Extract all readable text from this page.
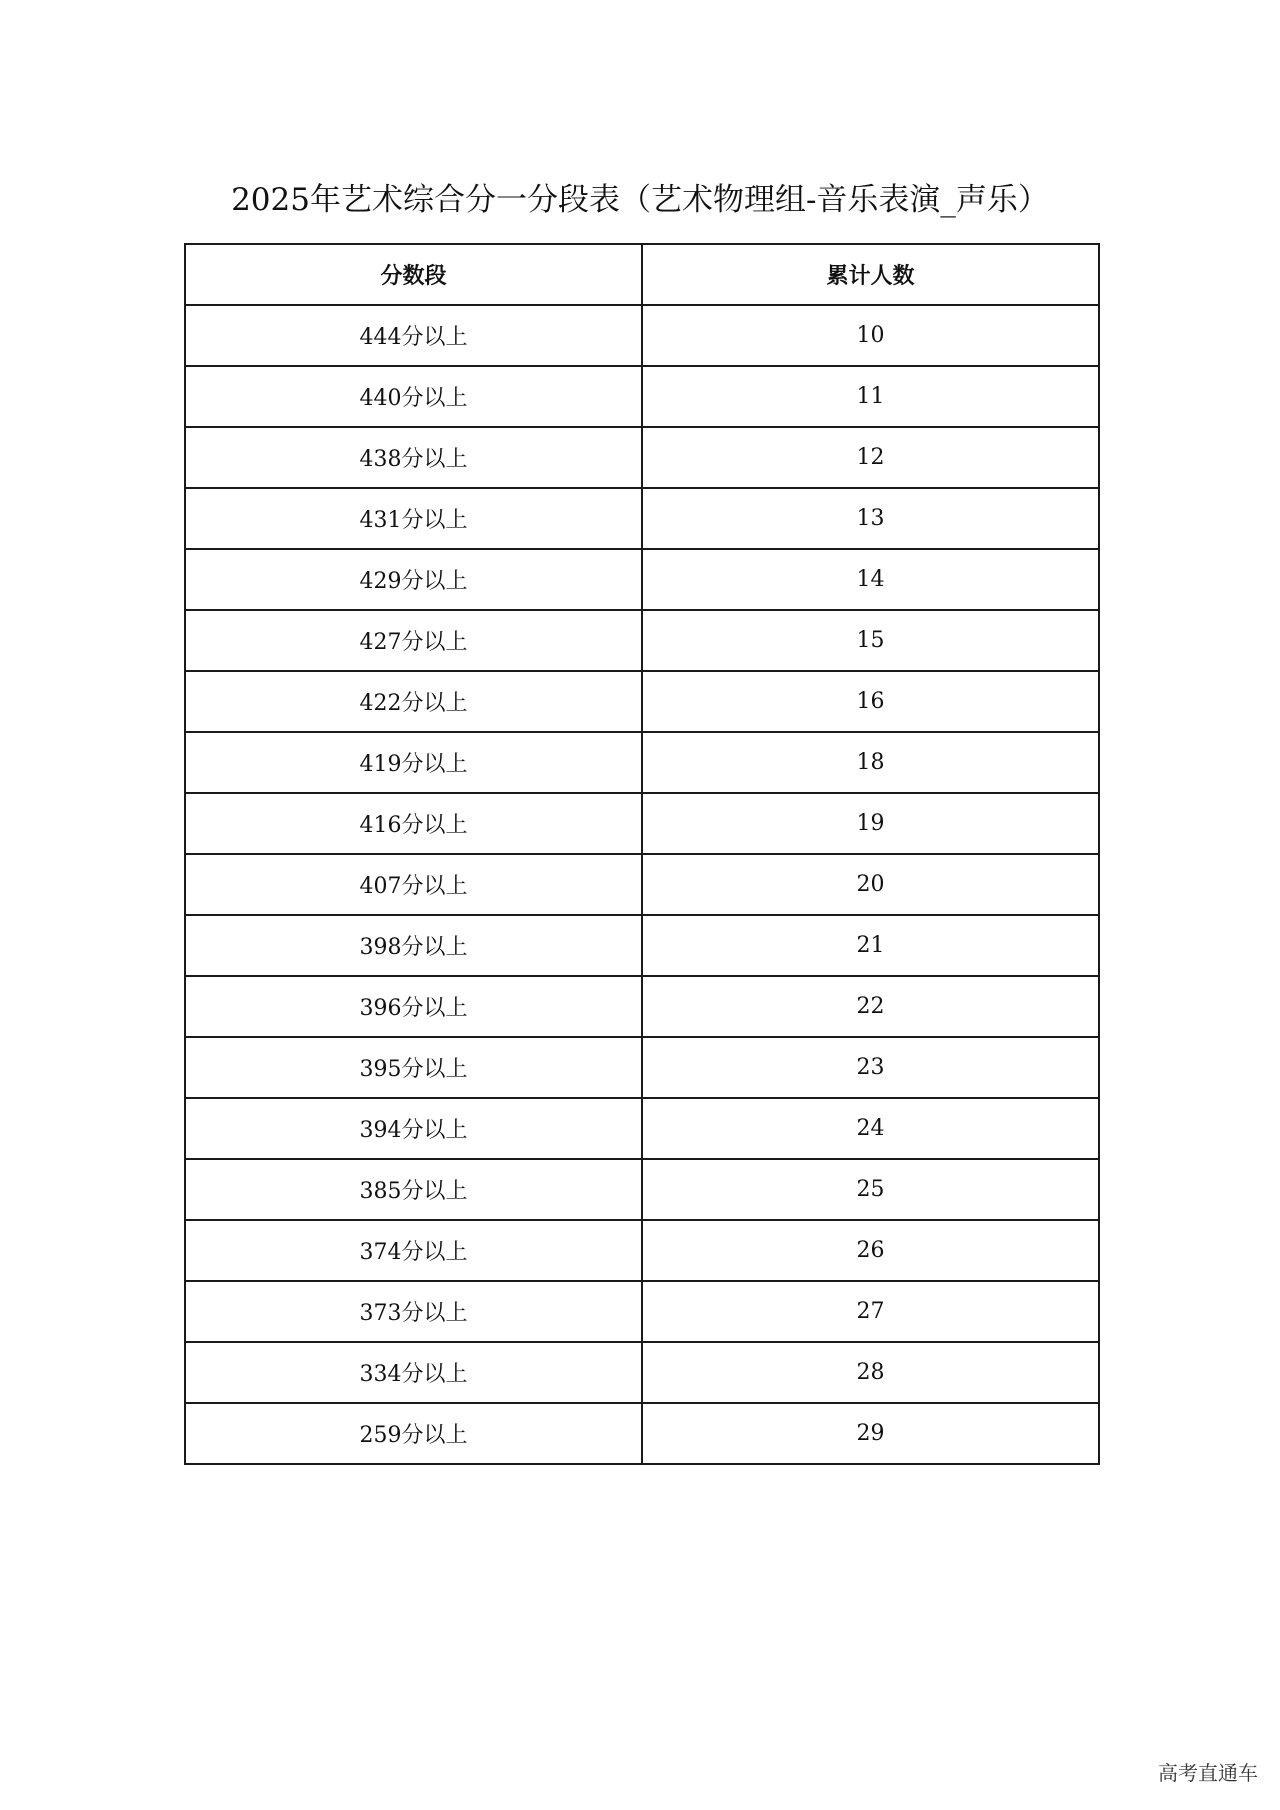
2025年艺术综合分一分段表（艺术物理组-音乐表演_声乐）
分数段	累计人数
444分以上	10
440分以上	11
438分以上	12
431分以上	13
429分以上	14
427分以上	15
422分以上	16
419分以上	18
416分以上	19
407分以上	20
398分以上	21
396分以上	22
395分以上	23
394分以上	24
385分以上	25
374分以上	26
373分以上	27
334分以上	28
259分以上	29
高考直通车
